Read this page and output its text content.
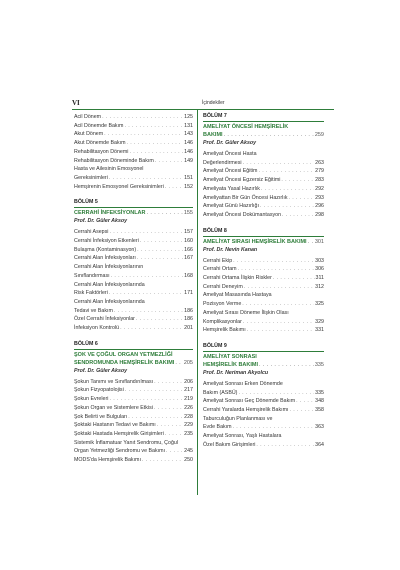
VI	İçindekiler
Acil Dönem . . .	125
Acil Dönemde Bakım . . .	131
Akut Dönem . . .	143
Akut Dönemde Bakım . . .	146
Rehabilitasyon Dönemi . . .	146
Rehabilitasyon Döneminde Bakım . . .	149
Hasta ve Ailesinin Emosyonel
Gereksinimleri . . .	151
Hemşirenin Emosyonel Gereksinimleri . . .	152
BÖLÜM 5
CERRAHİ İNFEKSİYONLAR . . .	155
Prof. Dr. Güler Aksoy
Cerrahi Asepsi . . .	157
Cerrahi İnfeksiyon Etkenleri . . .	160
Bulaşma (Kontaminasyon) . . .	166
Cerrahi Alan İnfeksiyonları . . .	167
Cerrahi Alan İnfeksiyonlarının
Sınıflandırması . . .	168
Cerrahi Alan İnfeksiyonlarında
Risk Faktörleri . . .	171
Cerrahi Alan İnfeksiyonlarında
Tedavi ve Bakım . . .	186
Özel Cerrahi İnfeksiyonlar . . .	186
İnfeksiyon Kontrolü . . .	201
BÖLÜM 6
ŞOK VE ÇOĞUL ORGAN YETMEZLİĞİ
SENDROMUNDA HEMŞİRELİK BAKIMI . . . 205
Prof. Dr. Güler Aksoy
Şokun Tanımı ve Sınıflandırılması . . .	206
Şokun Fizyopatolojisi . . .	217
Şokun Evreleri . . .	219
Şokun Organ ve Sistemlere Etkisi . . .	226
Şok Belirti ve Bulguları . . .	228
Şoktaki Hastanın Tedavi ve Bakımı . . .	229
Şoktaki Hastada Hemşirelik Girişimleri . . .	235
Sistemik İnflamatuar Yanıt Sendromu, Çoğul
Organ Yetmezliği Sendromu ve Bakımı . . .	245
MODS'da Hemşirelik Bakımı . . .	250
BÖLÜM 7
AMELİYAT ÖNCESİ HEMŞİRELİK
BAKIMI . . .	259
Prof. Dr. Güler Aksoy
Ameliyat Öncesi Hasta
Değerlendirmesi . . .	263
Ameliyat Öncesi Eğitim . . .	279
Ameliyat Öncesi Egzersiz Eğitimi . . .	283
Ameliyata Yasal Hazırlık . . .	292
Ameliyattan Bir Gün Öncesi Hazırlık . . .	293
Ameliyat Günü Hazırlığı . . .	296
Ameliyat Öncesi Dokümantasyon . . .	298
BÖLÜM 8
AMELİYAT SIRASI HEMŞİRELİK BAKIMI . . . 301
Prof. Dr. Nevin Kanan
Cerrahi Ekip . . .	303
Cerrahi Ortam . . .	306
Cerrahi Ortama İlişkin Riskler . . .	311
Cerrahi Deneyim . . .	312
Ameliyat Masasında Hastaya
Pozisyon Verme . . .	325
Ameliyat Sırası Döneme İlişkin Olası
Komplikasyonlar . . .	329
Hemşirelik Bakımı . . .	331
BÖLÜM 9
AMELİYAT SONRASI
HEMŞİRELİK BAKIMI . . .	335
Prof. Dr. Neriman Akyolcu
Ameliyat Sonrası Erken Dönemde
Bakım (ASBÜ) . . .	335
Ameliyat Sonrası Geç Dönemde Bakım . . .	348
Cerrahi Yaralarda Hemşirelik Bakımı . . .	358
Taburculuğun Planlanması ve
Evde Bakım . . .	363
Ameliyat Sonrası, Yaşlı Hastalara
Özel Bakım Girişimleri . . .	364
